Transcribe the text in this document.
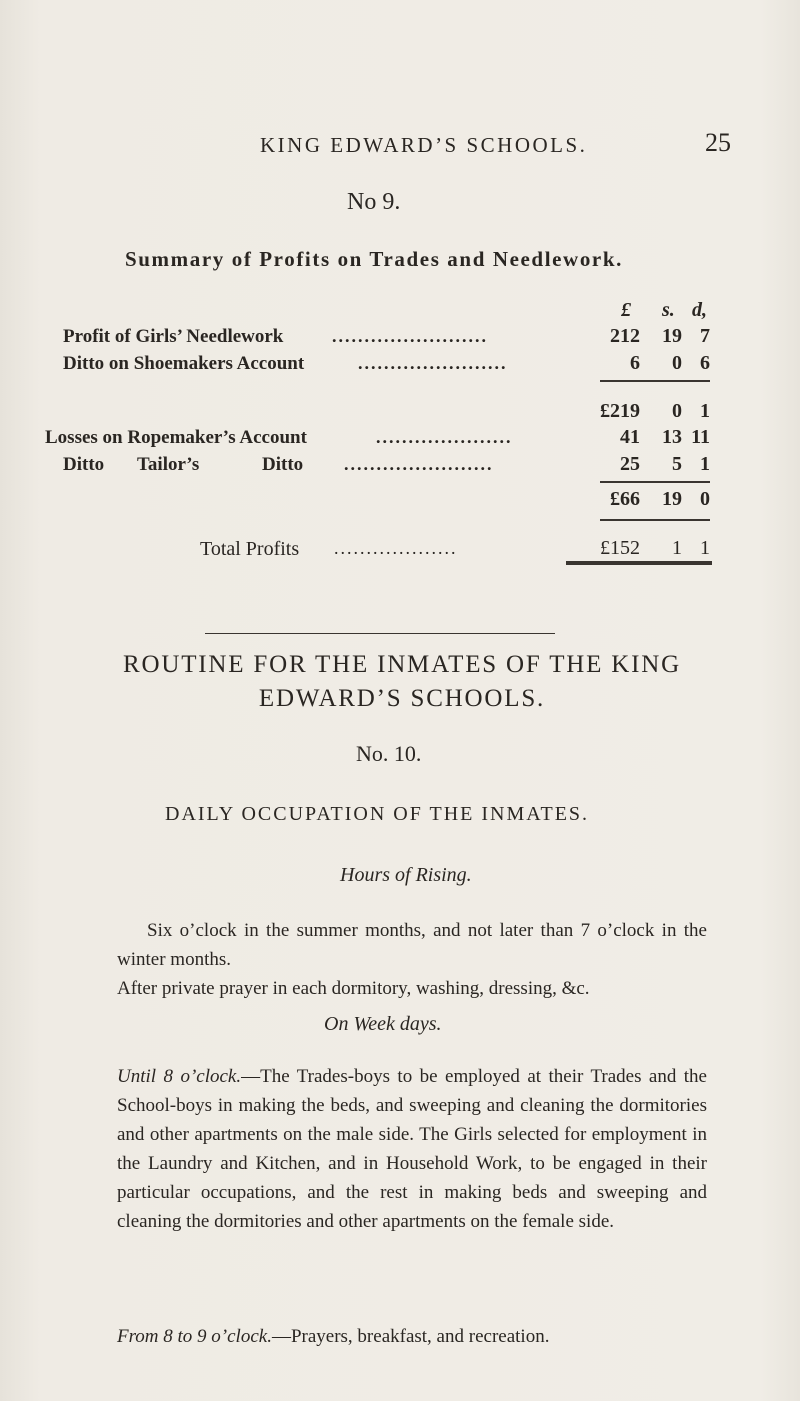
KING EDWARD’S SCHOOLS.	25
No 9.
Summary of Profits on Trades and Needlework.
£ s. d,
Profit of Girls’ Needlework	........................	212	19 7
Ditto on Shoemakers Account	.......................	6	0 6
£219	0 1
Losses on Ropemaker’s Account	.....................	41	13 11
Ditto Tailor’s	Ditto .......................	25	5 1
£66	19 0
Total Profits ...................	£152	1 1
ROUTINE FOR THE INMATES OF THE KING EDWARD’S SCHOOLS.
No. 10.
DAILY OCCUPATION OF THE INMATES.
Hours of Rising.
Six o’clock in the summer months, and not later than 7 o’clock in the winter months.
After private prayer in each dormitory, washing, dressing, &c.
On Week days.
Until 8 o’clock.—The Trades-boys to be employed at their Trades and the School-boys in making the beds, and sweeping and cleaning the dormitories and other apartments on the male side. The Girls selected for employment in the Laundry and Kitchen, and in Household Work, to be engaged in their particular occupations, and the rest in making beds and sweeping and cleaning the dormitories and other apartments on the female side.
From 8 to 9 o’clock.—Prayers, breakfast, and recreation.
